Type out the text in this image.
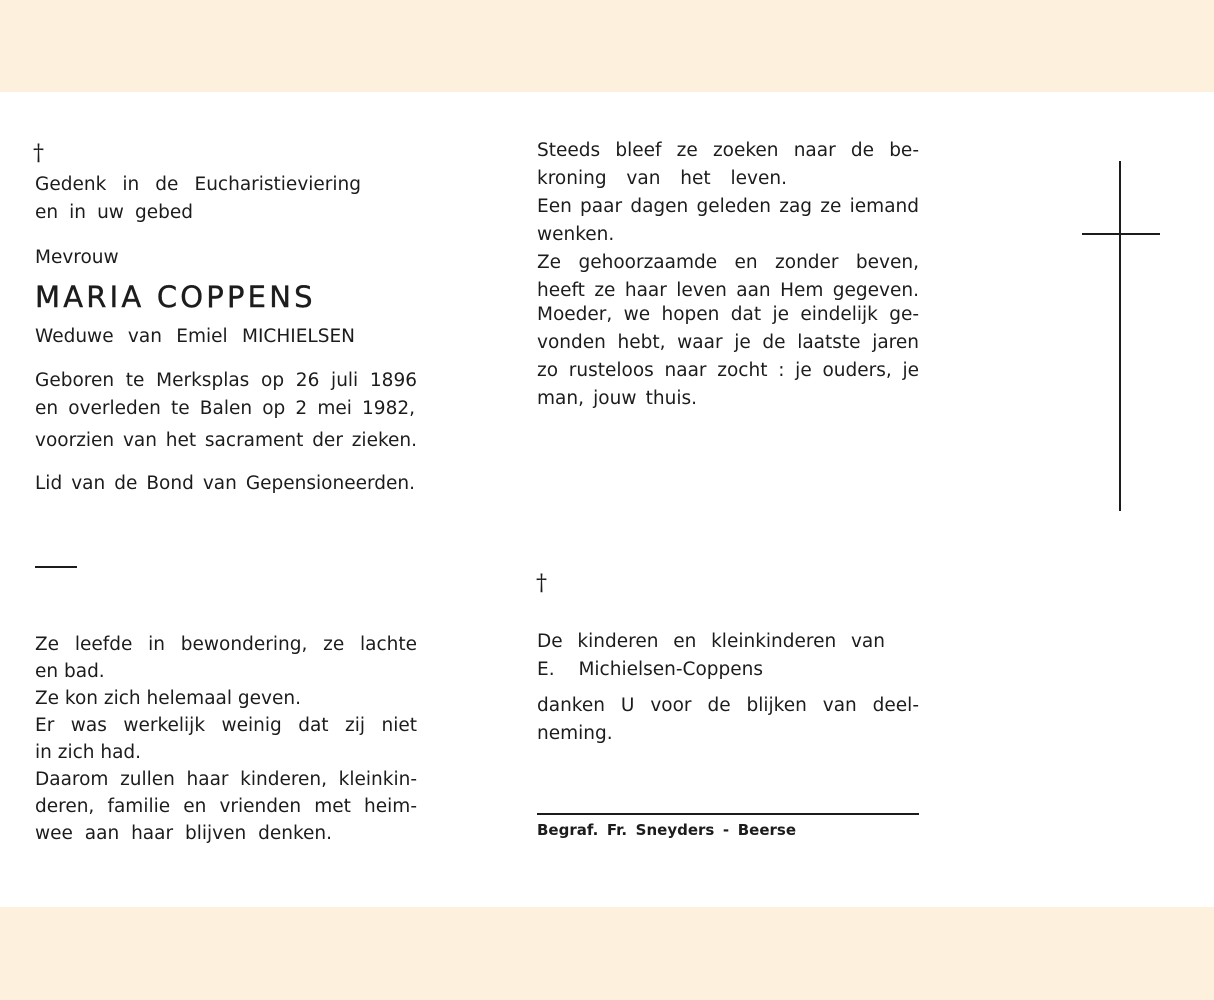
†

Gedenk in de Eucharistieviering

en in uw gebed

Mevrouw

MARIA COPPENS

Weduwe van Emiel MICHIELSEN

Geboren te Merksplas op 26 juli 1896

en overleden te Balen op 2 mei 1982,

voorzien van het sacrament der zieken.

Lid van de Bond van Gepensioneerden.

Ze leefde in bewondering, ze lachte

en bad.

Ze kon zich helemaal geven.

Er was werkelijk weinig dat zij niet

in zich had.

Daarom zullen haar kinderen, kleinkin-

deren, familie en vrienden met heim-

wee aan haar blijven denken.

Steeds bleef ze zoeken naar de be-

kroning van het leven.

Een paar dagen geleden zag ze iemand

wenken.

Ze gehoorzaamde en zonder beven,

heeft ze haar leven aan Hem gegeven.

Moeder, we hopen dat je eindelijk ge-

vonden hebt, waar je de laatste jaren

zo rusteloos naar zocht : je ouders, je

man, jouw thuis.

†

De kinderen en kleinkinderen van

E. Michielsen-Coppens

danken U voor de blijken van deel-

neming.

Begraf. Fr. Sneyders - Beerse
